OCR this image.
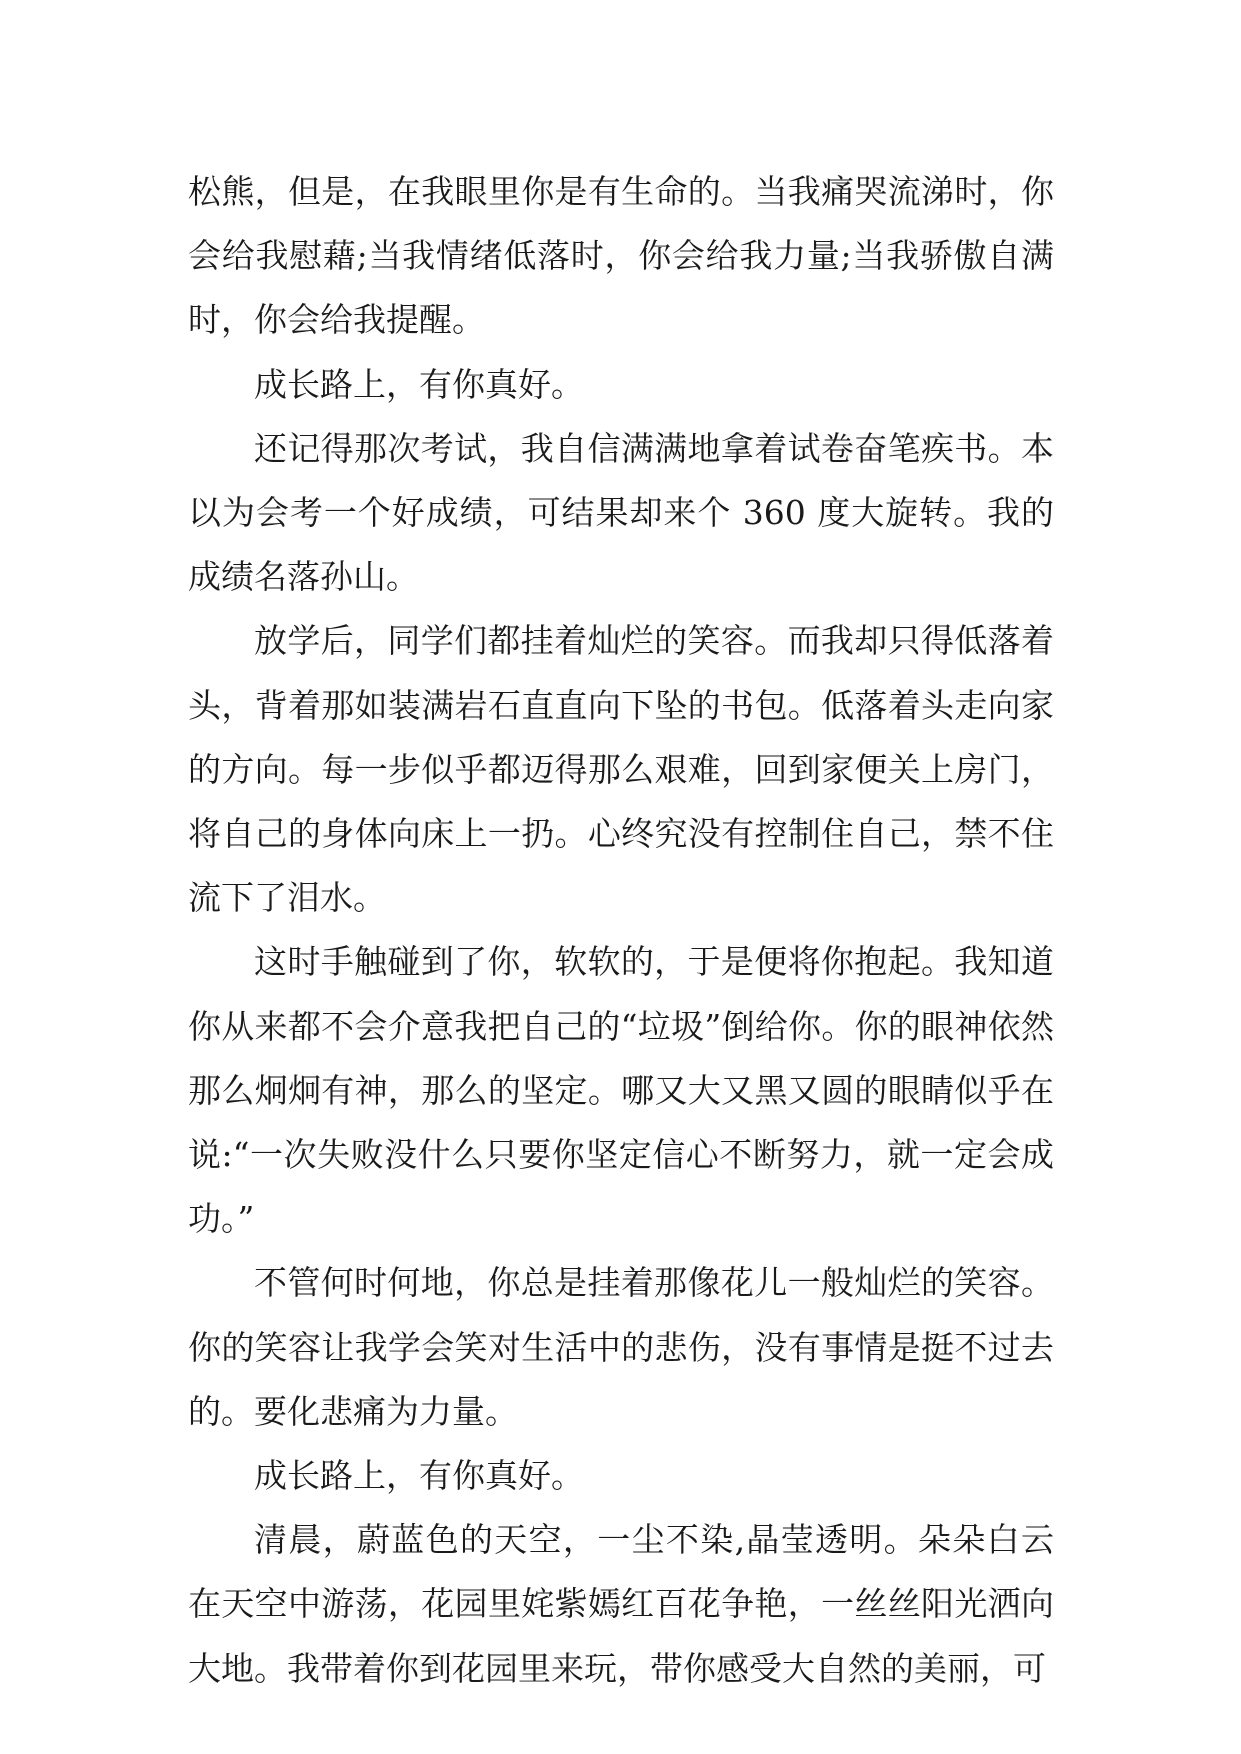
松熊，但是，在我眼里你是有生命的。当我痛哭流涕时，你会给我慰藉;当我情绪低落时，你会给我力量;当我骄傲自满时，你会给我提醒。

成长路上，有你真好。

还记得那次考试，我自信满满地拿着试卷奋笔疾书。本以为会考一个好成绩，可结果却来个 360 度大旋转。我的成绩名落孙山。

放学后，同学们都挂着灿烂的笑容。而我却只得低落着头，背着那如装满岩石直直向下坠的书包。低落着头走向家的方向。每一步似乎都迈得那么艰难，回到家便关上房门，将自己的身体向床上一扔。心终究没有控制住自己，禁不住流下了泪水。

这时手触碰到了你，软软的，于是便将你抱起。我知道你从来都不会介意我把自己的“垃圾”倒给你。你的眼神依然那么炯炯有神，那么的坚定。哪又大又黑又圆的眼睛似乎在说:“一次失败没什么只要你坚定信心不断努力，就一定会成功。”

不管何时何地，你总是挂着那像花儿一般灿烂的笑容。你的笑容让我学会笑对生活中的悲伤，没有事情是挺不过去的。要化悲痛为力量。

成长路上，有你真好。

清晨，蔚蓝色的天空，一尘不染,晶莹透明。朵朵白云在天空中游荡，花园里姹紫嫣红百花争艳，一丝丝阳光洒向大地。我带着你到花园里来玩，带你感受大自然的美丽，可
